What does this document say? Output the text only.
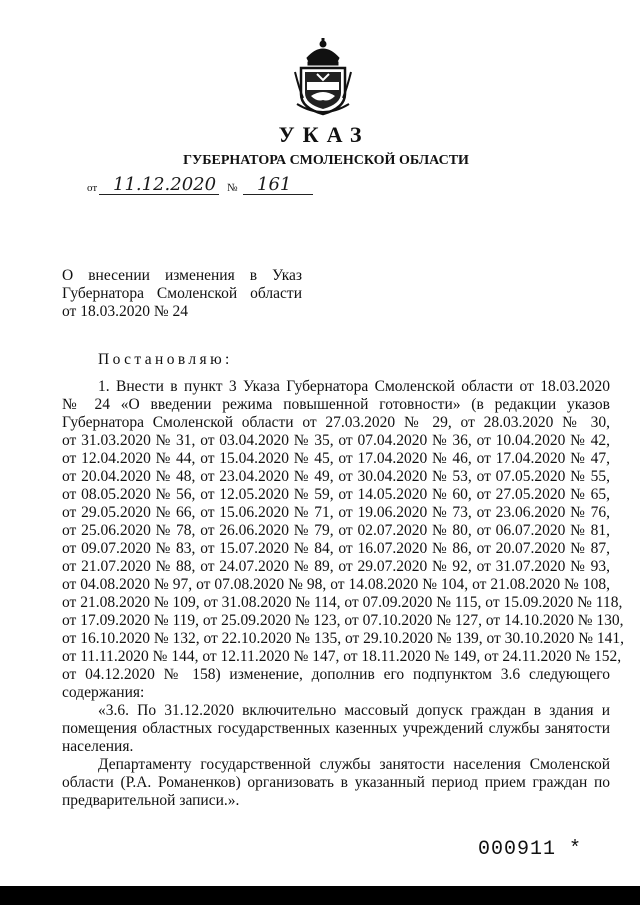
УКАЗ
ГУБЕРНАТОРА СМОЛЕНСКОЙ ОБЛАСТИ
от 11.12.2020 № 161
О внесении изменения в Указ
Губернатора Смоленской области
от 18.03.2020 № 24
Постановляю:
1. Внести в пункт 3 Указа Губернатора Смоленской области от 18.03.2020
№ 24 «О введении режима повышенной готовности» (в редакции указов
Губернатора Смоленской области от 27.03.2020 № 29, от 28.03.2020 № 30,
от 31.03.2020 № 31, от 03.04.2020 № 35, от 07.04.2020 № 36, от 10.04.2020 № 42,
от 12.04.2020 № 44, от 15.04.2020 № 45, от 17.04.2020 № 46, от 17.04.2020 № 47,
от 20.04.2020 № 48, от 23.04.2020 № 49, от 30.04.2020 № 53, от 07.05.2020 № 55,
от 08.05.2020 № 56, от 12.05.2020 № 59, от 14.05.2020 № 60, от 27.05.2020 № 65,
от 29.05.2020 № 66, от 15.06.2020 № 71, от 19.06.2020 № 73, от 23.06.2020 № 76,
от 25.06.2020 № 78, от 26.06.2020 № 79, от 02.07.2020 № 80, от 06.07.2020 № 81,
от 09.07.2020 № 83, от 15.07.2020 № 84, от 16.07.2020 № 86, от 20.07.2020 № 87,
от 21.07.2020 № 88, от 24.07.2020 № 89, от 29.07.2020 № 92, от 31.07.2020 № 93,
от 04.08.2020 № 97, от 07.08.2020 № 98, от 14.08.2020 № 104, от 21.08.2020 № 108,
от 21.08.2020 № 109, от 31.08.2020 № 114, от 07.09.2020 № 115, от 15.09.2020 № 118,
от 17.09.2020 № 119, от 25.09.2020 № 123, от 07.10.2020 № 127, от 14.10.2020 № 130,
от 16.10.2020 № 132, от 22.10.2020 № 135, от 29.10.2020 № 139, от 30.10.2020 № 141,
от 11.11.2020 № 144, от 12.11.2020 № 147, от 18.11.2020 № 149, от 24.11.2020 № 152,
от 04.12.2020 № 158) изменение, дополнив его подпунктом 3.6 следующего
содержания:
«3.6. По 31.12.2020 включительно массовый допуск граждан в здания и
помещения областных государственных казенных учреждений службы занятости
населения.
Департаменту государственной службы занятости населения Смоленской
области (Р.А. Романенков) организовать в указанный период прием граждан по
предварительной записи.».
000911 *
